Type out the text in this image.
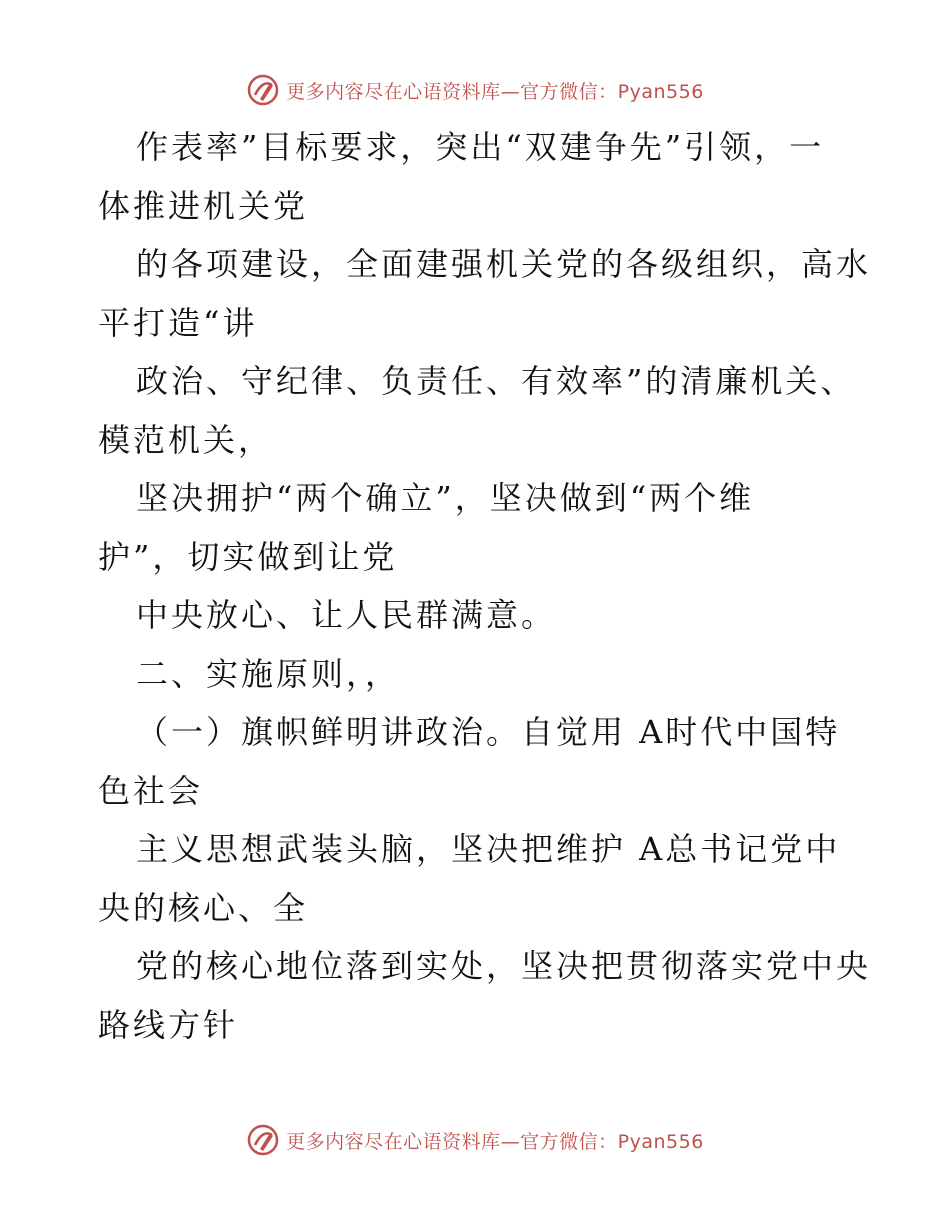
更多内容尽在心语资料库—官方微信：Pyan556
作表率”目标要求，突出“双建争先”引领，一
体推进机关党
的各项建设，全面建强机关党的各级组织，高水
平打造“讲
政治、守纪律、负责任、有效率”的清廉机关、
模范机关，
坚决拥护“两个确立”，坚决做到“两个维
护”，切实做到让党
中央放心、让人民群满意。
二、实施原则，，
（一）旗帜鲜明讲政治。自觉用 A时代中国特
色社会
主义思想武装头脑，坚决把维护 A总书记党中
央的核心、全
党的核心地位落到实处，坚决把贯彻落实党中央
路线方针
更多内容尽在心语资料库—官方微信：Pyan556
